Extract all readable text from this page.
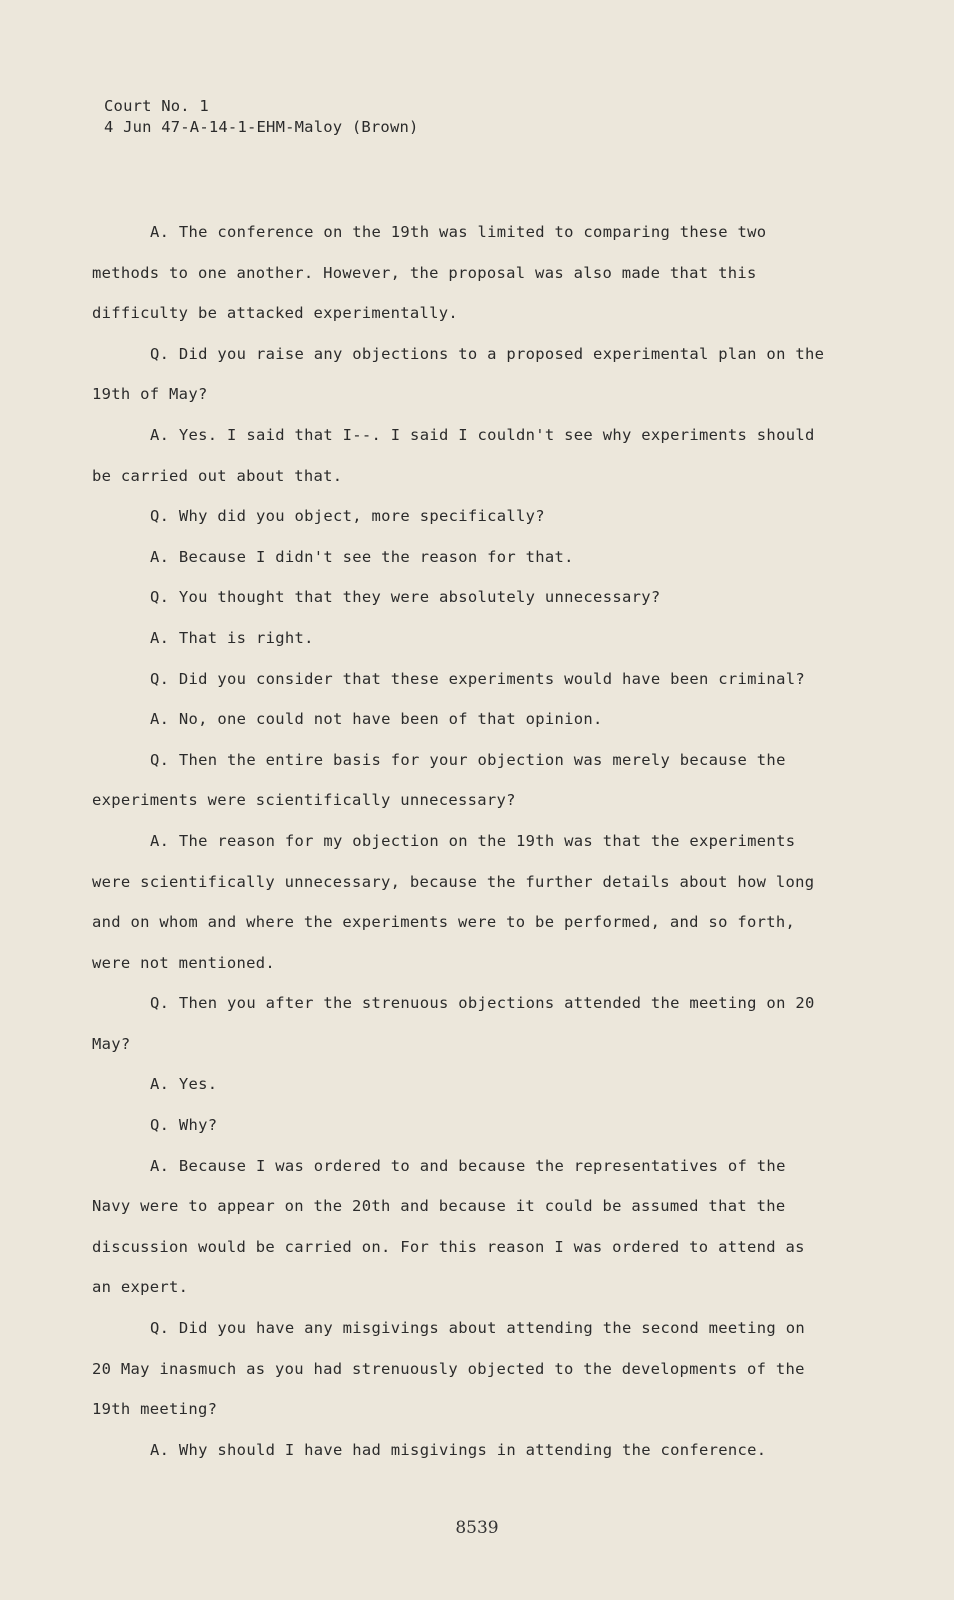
Court No. 1
4 Jun 47-A-14-1-EHM-Maloy (Brown)

A. The conference on the 19th was limited to comparing these two methods to one another. However, the proposal was also made that this difficulty be attacked experimentally.

Q. Did you raise any objections to a proposed experimental plan on the 19th of May?

A. Yes. I said that I--. I said I couldn't see why experiments should be carried out about that.

Q. Why did you object, more specifically?

A. Because I didn't see the reason for that.

Q. You thought that they were absolutely unnecessary?

A. That is right.

Q. Did you consider that these experiments would have been criminal?

A. No, one could not have been of that opinion.

Q. Then the entire basis for your objection was merely because the experiments were scientifically unnecessary?

A. The reason for my objection on the 19th was that the experiments were scientifically unnecessary, because the further details about how long and on whom and where the experiments were to be performed, and so forth, were not mentioned.

Q. Then you after the strenuous objections attended the meeting on 20 May?

A. Yes.

Q. Why?

A. Because I was ordered to and because the representatives of the Navy were to appear on the 20th and because it could be assumed that the discussion would be carried on. For this reason I was ordered to attend as an expert.

Q. Did you have any misgivings about attending the second meeting on 20 May inasmuch as you had strenuously objected to the developments of the 19th meeting?

A. Why should I have had misgivings in attending the conference.

8539
